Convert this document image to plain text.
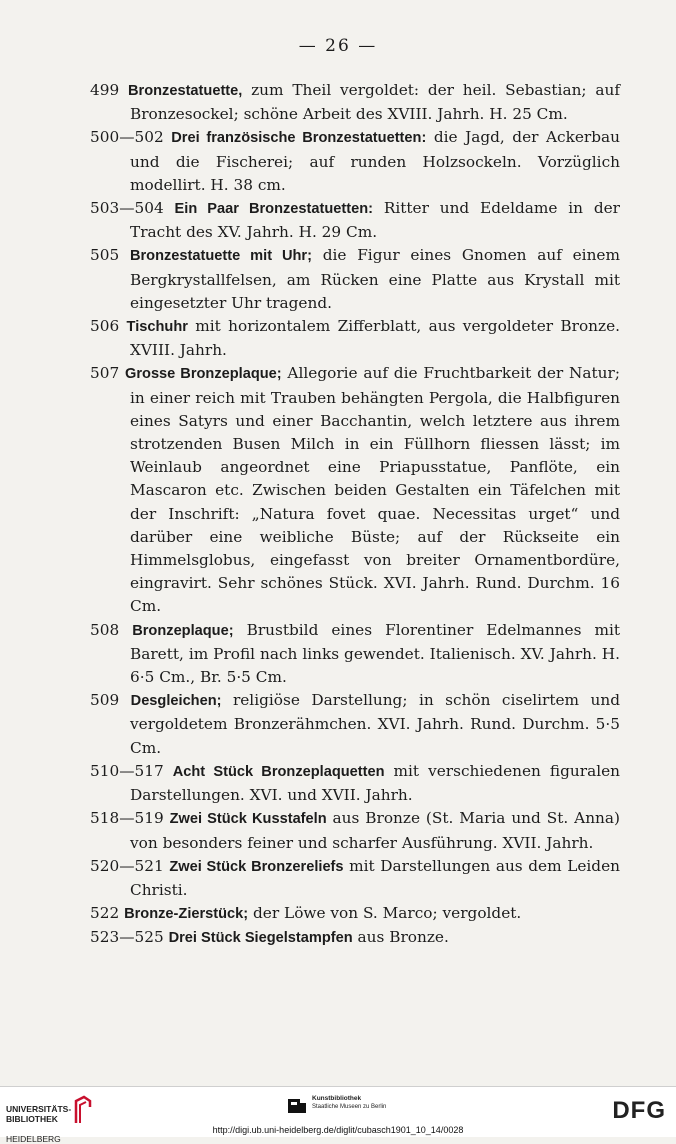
— 26 —

499 Bronzestatuette, zum Theil vergoldet: der heil. Sebastian; auf Bronzesockel; schöne Arbeit des XVIII. Jahrh. H. 25 Cm.

500—502 Drei französische Bronzestatuetten: die Jagd, der Ackerbau und die Fischerei; auf runden Holzsockeln. Vorzüglich modellirt. H. 38 cm.

503—504 Ein Paar Bronzestatuetten: Ritter und Edeldame in der Tracht des XV. Jahrh. H. 29 Cm.

505 Bronzestatuette mit Uhr; die Figur eines Gnomen auf einem Bergkrystallfelsen, am Rücken eine Platte aus Krystall mit eingesetzter Uhr tragend.

506 Tischuhr mit horizontalem Zifferblatt, aus vergoldeter Bronze. XVIII. Jahrh.

507 Grosse Bronzeplaque; Allegorie auf die Fruchtbarkeit der Natur; in einer reich mit Trauben behängten Pergola, die Halbfiguren eines Satyrs und einer Bacchantin, welch letztere aus ihrem strotzenden Busen Milch in ein Füllhorn fliessen lässt; im Weinlaub angeordnet eine Priapusstatue, Panflöte, ein Mascaron etc. Zwischen beiden Gestalten ein Täfelchen mit der Inschrift: „Natura fovet quae. Necessitas urget“ und darüber eine weibliche Büste; auf der Rückseite ein Himmelsglobus, eingefasst von breiter Ornamentbordüre, eingravirt. Sehr schönes Stück. XVI. Jahrh. Rund. Durchm. 16 Cm.

508 Bronzeplaque; Brustbild eines Florentiner Edelmannes mit Barett, im Profil nach links gewendet. Italienisch. XV. Jahrh. H. 6·5 Cm., Br. 5·5 Cm.

509 Desgleichen; religiöse Darstellung; in schön ciselirtem und vergoldetem Bronzerähmchen. XVI. Jahrh. Rund. Durchm. 5·5 Cm.

510—517 Acht Stück Bronzeplaquetten mit verschiedenen figuralen Darstellungen. XVI. und XVII. Jahrh.

518—519 Zwei Stück Kusstafeln aus Bronze (St. Maria und St. Anna) von besonders feiner und scharfer Ausführung. XVII. Jahrh.

520—521 Zwei Stück Bronzereliefs mit Darstellungen aus dem Leiden Christi.

522 Bronze-Zierstück; der Löwe von S. Marco; vergoldet.

523—525 Drei Stück Siegelstampfen aus Bronze.

UNIVERSITÄTS-
BIBLIOTHEK

HEIDELBERG

Kunstbibliothek
Staatliche Museen zu Berlin	DFG
http://digi.ub.uni-heidelberg.de/diglit/cubasch1901_10_14/0028
